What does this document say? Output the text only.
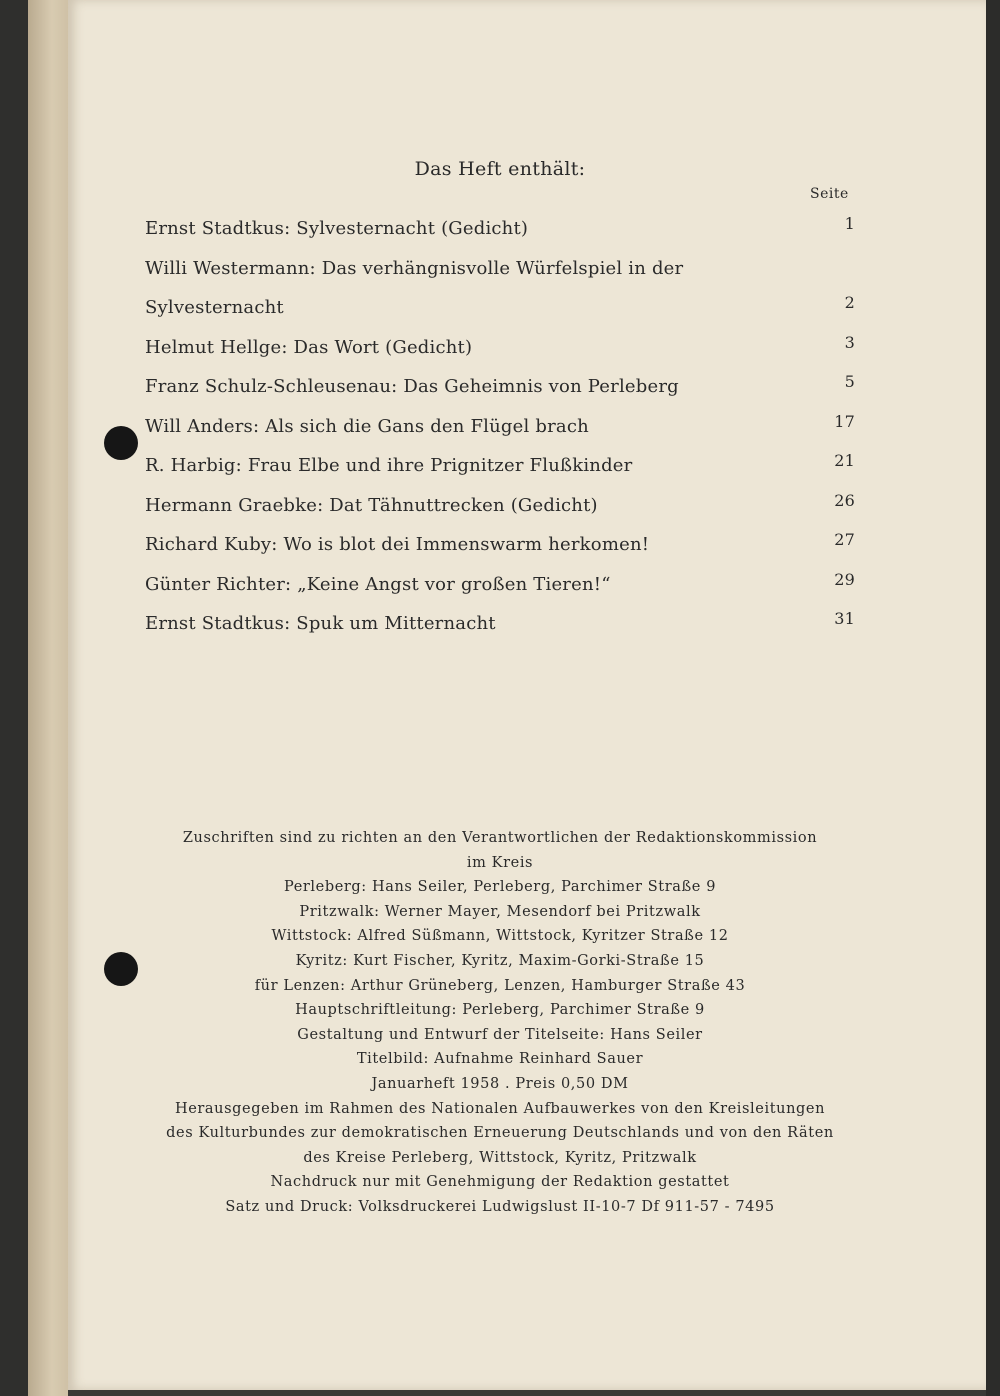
Das Heft enthält:
Seite
Ernst Stadtkus: Sylvesternacht (Gedicht)	1
Willi Westermann: Das verhängnisvolle Würfelspiel in der
Sylvesternacht	2
Helmut Hellge: Das Wort (Gedicht)	3
Franz Schulz-Schleusenau: Das Geheimnis von Perleberg	5
Will Anders: Als sich die Gans den Flügel brach	17
R. Harbig: Frau Elbe und ihre Prignitzer Flußkinder	21
Hermann Graebke: Dat Tähnuttrecken (Gedicht)	26
Richard Kuby: Wo is blot dei Immenswarm herkomen!	27
Günter Richter: „Keine Angst vor großen Tieren!“	29
Ernst Stadtkus: Spuk um Mitternacht	31
Zuschriften sind zu richten an den Verantwortlichen der Redaktionskommission
im Kreis
Perleberg: Hans Seiler, Perleberg, Parchimer Straße 9
Pritzwalk: Werner Mayer, Mesendorf bei Pritzwalk
Wittstock: Alfred Süßmann, Wittstock, Kyritzer Straße 12
Kyritz: Kurt Fischer, Kyritz, Maxim-Gorki-Straße 15
für Lenzen: Arthur Grüneberg, Lenzen, Hamburger Straße 43
Hauptschriftleitung: Perleberg, Parchimer Straße 9
Gestaltung und Entwurf der Titelseite: Hans Seiler
Titelbild: Aufnahme Reinhard Sauer
Januarheft 1958 . Preis 0,50 DM
Herausgegeben im Rahmen des Nationalen Aufbauwerkes von den Kreisleitungen
des Kulturbundes zur demokratischen Erneuerung Deutschlands und von den Räten
des Kreise Perleberg, Wittstock, Kyritz, Pritzwalk
Nachdruck nur mit Genehmigung der Redaktion gestattet
Satz und Druck: Volksdruckerei Ludwigslust II-10-7 Df 911-57 - 7495
